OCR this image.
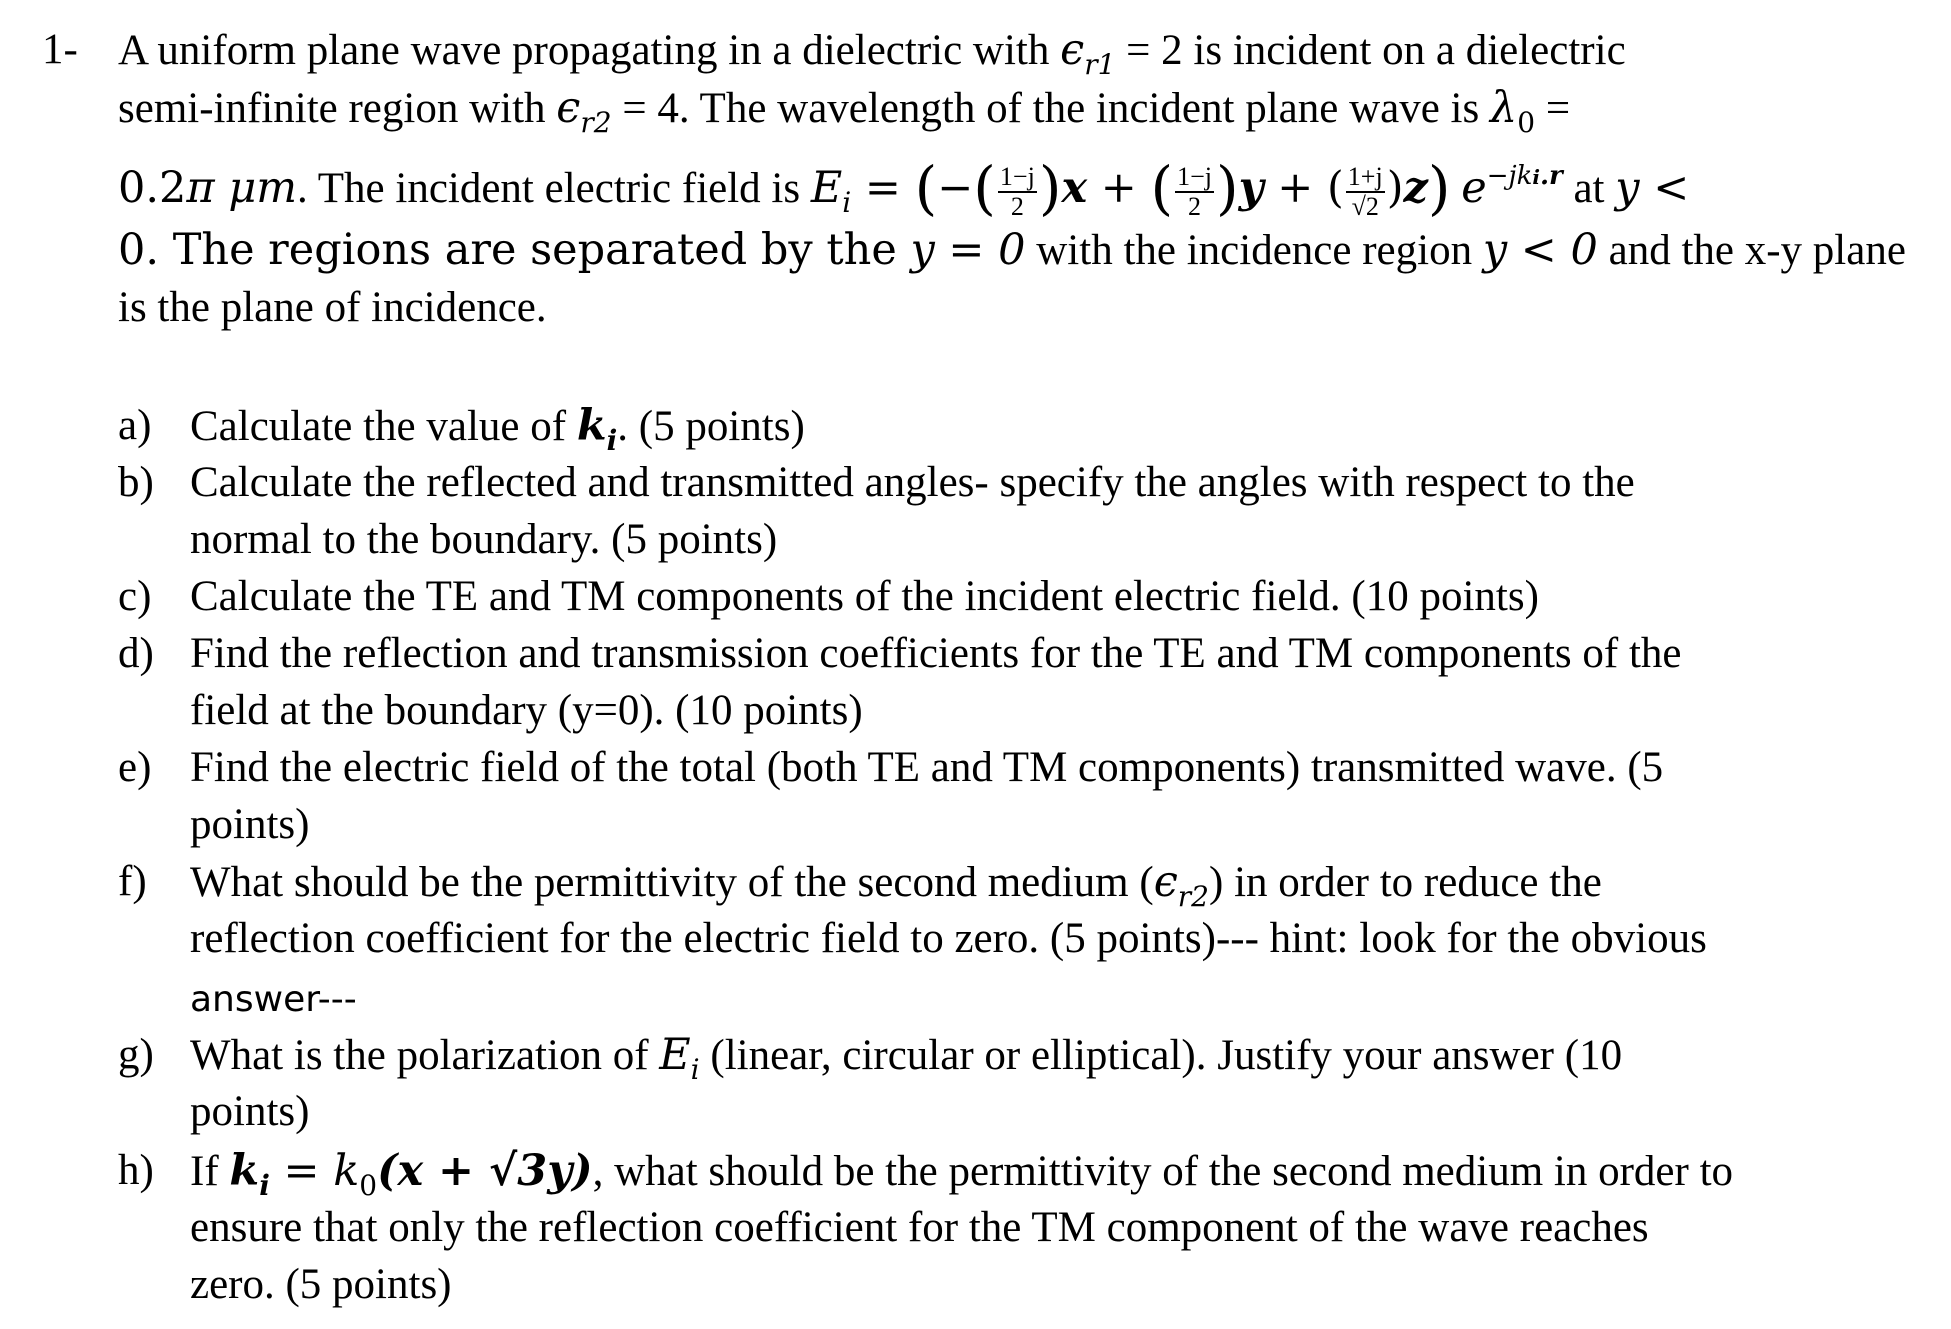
1- A uniform plane wave propagating in a dielectric with $\epsilon_{r1} = 2$ is incident on a dielectric
semi-infinite region with $\epsilon_{r2} = 4$. The wavelength of the incident plane wave is $\lambda_0$ =
0.2π μm. The incident electric field is $E_i$ = (−( $\frac{1-j}{2} )x$ + ( $\frac{1-j}{2} )y$ + ( $\frac{1+j}{√2} )z$) $e^{-jki.r}$ at y <
0. The regions are separated by the y = 0 with the incidence region y < 0 and the x-y plane
is the plane of incidence.
a) Calculate the value of $k_i$. (5 points)
b) Calculate the reflected and transmitted angles- specify the angles with respect to the
normal to the boundary. (5 points)
c) Calculate the TE and TM components of the incident electric field. (10 points)
d) Find the reflection and transmission coefficients for the TE and TM components of the
field at the boundary (y=0). (10 points)
e) Find the electric field of the total (both TE and TM components) transmitted wave. (5
points)
f) What should be the permittivity of the second medium $(\epsilon_{r2})$ in order to reduce the
reflection coefficient for the electric field to zero. (5 points)--- hint: look for the obvious
answer---
g) What is the polarization of $E_i$ (linear, circular or elliptical). Justify your answer (10
points)
h) If $k_i = k_0(x + √3y)$, what should be the permittivity of the second medium in order to
ensure that only the reflection coefficient for the TM component of the wave reaches
zero. (5 points)
